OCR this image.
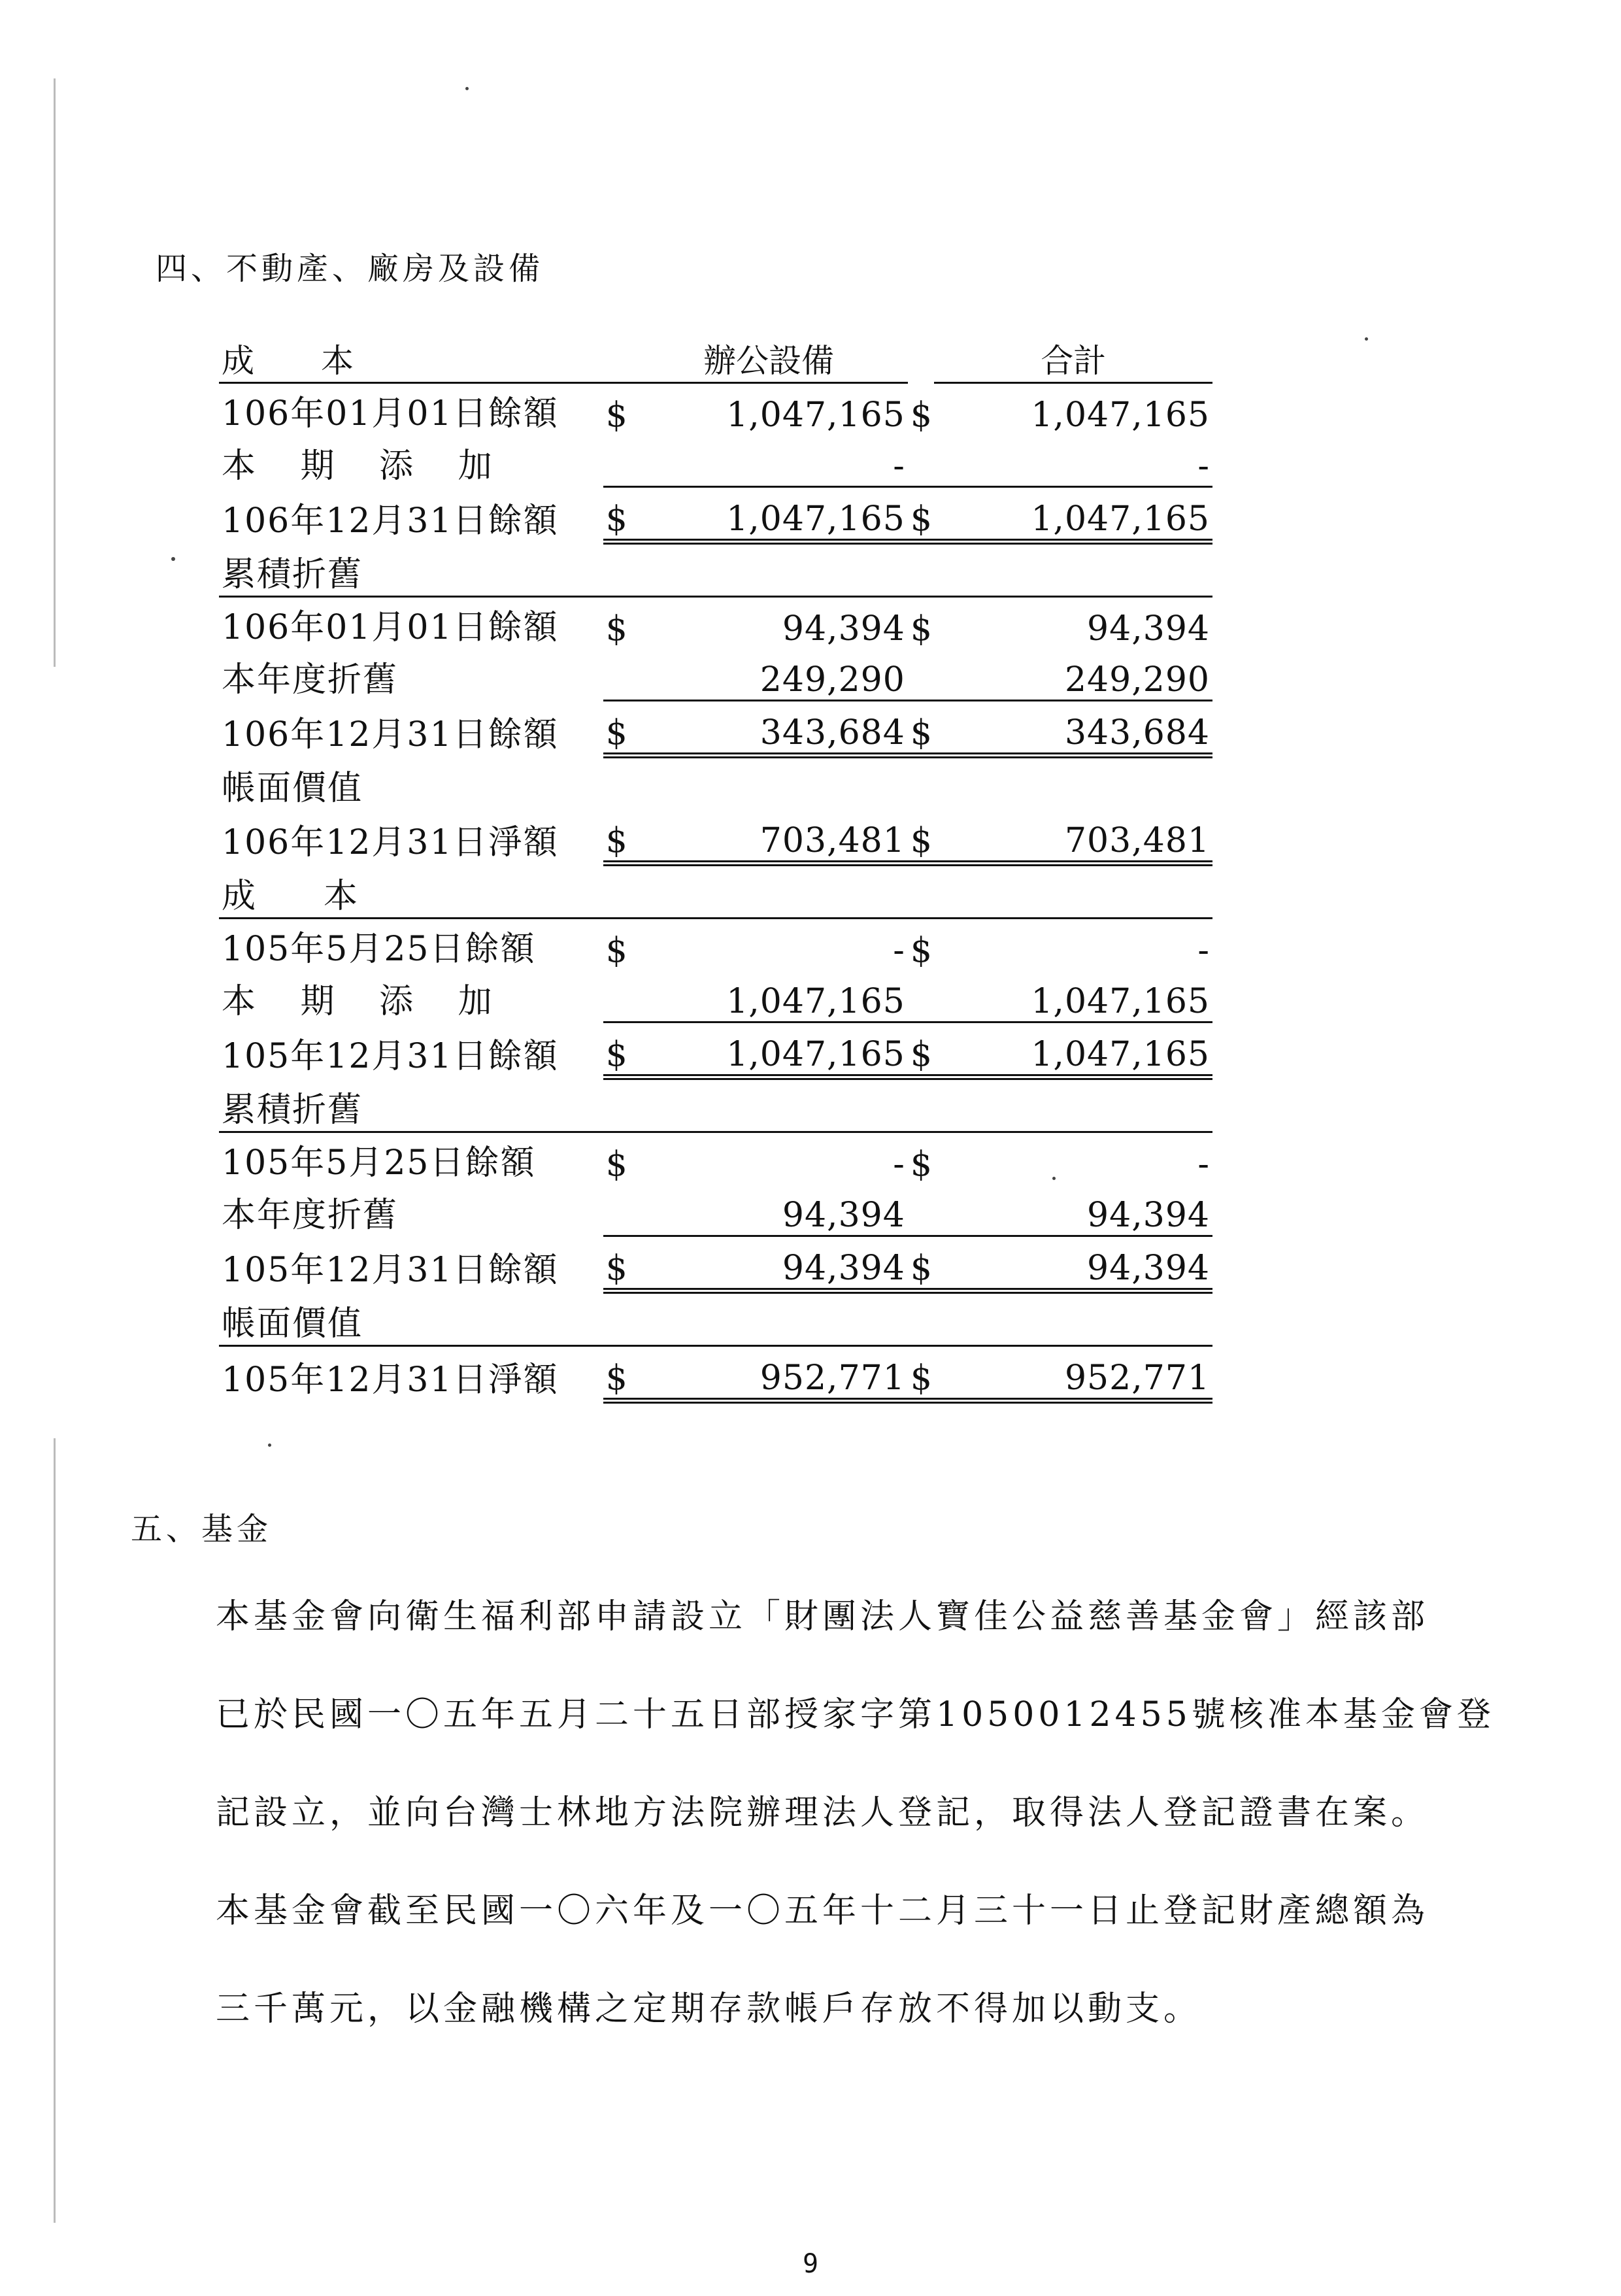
四、不動產、廠房及設備
成　本		辦公設備		合計
106年01月01日餘額	$	1,047,165	$	1,047,165
本 期 添 加		-		-
106年12月31日餘額	$	1,047,165	$	1,047,165
累積折舊				
106年01月01日餘額	$	94,394	$	94,394
本年度折舊		249,290		249,290
106年12月31日餘額	$	343,684	$	343,684
帳面價值				
106年12月31日淨額	$	703,481	$	703,481
成　本				
105年5月25日餘額	$	-	$	-
本 期 添 加		1,047,165		1,047,165
105年12月31日餘額	$	1,047,165	$	1,047,165
累積折舊				
105年5月25日餘額	$	-	$	-
本年度折舊		94,394		94,394
105年12月31日餘額	$	94,394	$	94,394
帳面價值				
105年12月31日淨額	$	952,771	$	952,771
五、基金

本基金會向衛生福利部申請設立「財團法人寶佳公益慈善基金會」經該部

已於民國一〇五年五月二十五日部授家字第1050012455號核准本基金會登

記設立，並向台灣士林地方法院辦理法人登記，取得法人登記證書在案。

本基金會截至民國一〇六年及一〇五年十二月三十一日止登記財產總額為

三千萬元，以金融機構之定期存款帳戶存放不得加以動支。

9
